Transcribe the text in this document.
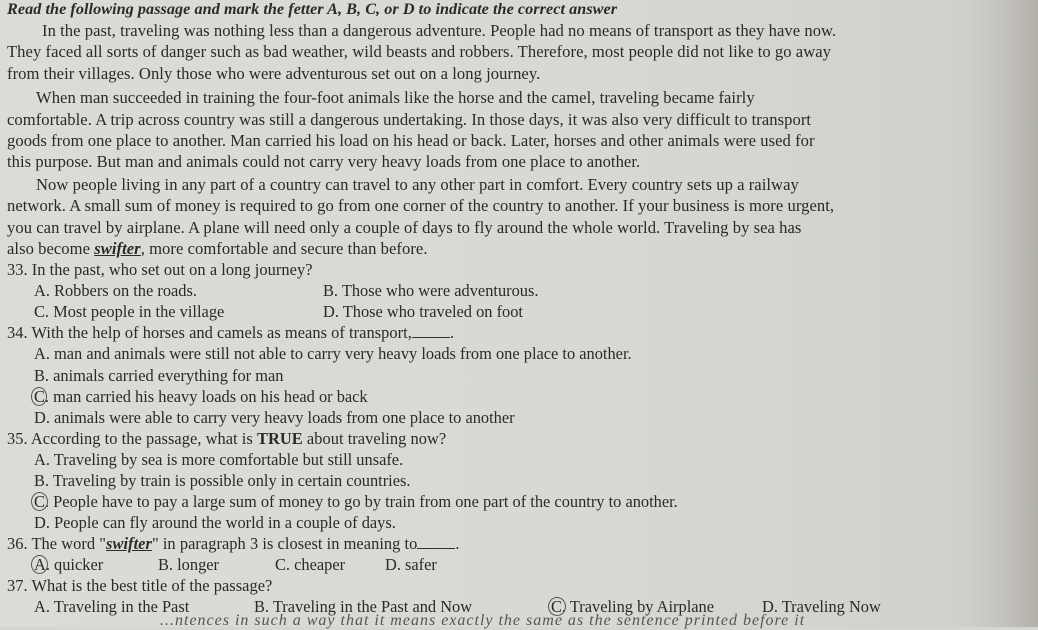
Read the following passage and mark the fetter A, B, C, or D to indicate the correct answer
In the past, traveling was nothing less than a dangerous adventure. People had no means of transport as they have now.
They faced all sorts of danger such as bad weather, wild beasts and robbers. Therefore, most people did not like to go away
from their villages. Only those who were adventurous set out on a long journey.
When man succeeded in training the four-foot animals like the horse and the camel, traveling became fairly
comfortable. A trip across country was still a dangerous undertaking. In those days, it was also very difficult to transport
goods from one place to another. Man carried his load on his head or back. Later, horses and other animals were used for
this purpose. But man and animals could not carry very heavy loads from one place to another.
Now people living in any part of a country can travel to any other part in comfort. Every country sets up a railway
network. A small sum of money is required to go from one corner of the country to another. If your business is more urgent,
you can travel by airplane. A plane will need only a couple of days to fly around the whole world. Traveling by sea has
also become swifter, more comfortable and secure than before.
33. In the past, who set out on a long journey?
A. Robbers on the roads.	B. Those who were adventurous.
C. Most people in the village	D. Those who traveled on foot
34. With the help of horses and camels as means of transport, .
A. man and animals were still not able to carry very heavy loads from one place to another.
B. animals carried everything for man
C. man carried his heavy loads on his head or back
D. animals were able to carry very heavy loads from one place to another
35. According to the passage, what is TRUE about traveling now?
A. Traveling by sea is more comfortable but still unsafe.
B. Traveling by train is possible only in certain countries.
C. People have to pay a large sum of money to go by train from one part of the country to another.
D. People can fly around the world in a couple of days.
36. The word "swifter" in paragraph 3 is closest in meaning to .
A. quicker	B. longer	C. cheaper D. safer
37. What is the best title of the passage?
A. Traveling in the Past	B. Traveling in the Past and Now	C. Traveling by Airplane	D. Traveling Now
...ntences in such a way that it means exactly the same as the sentence printed before it
